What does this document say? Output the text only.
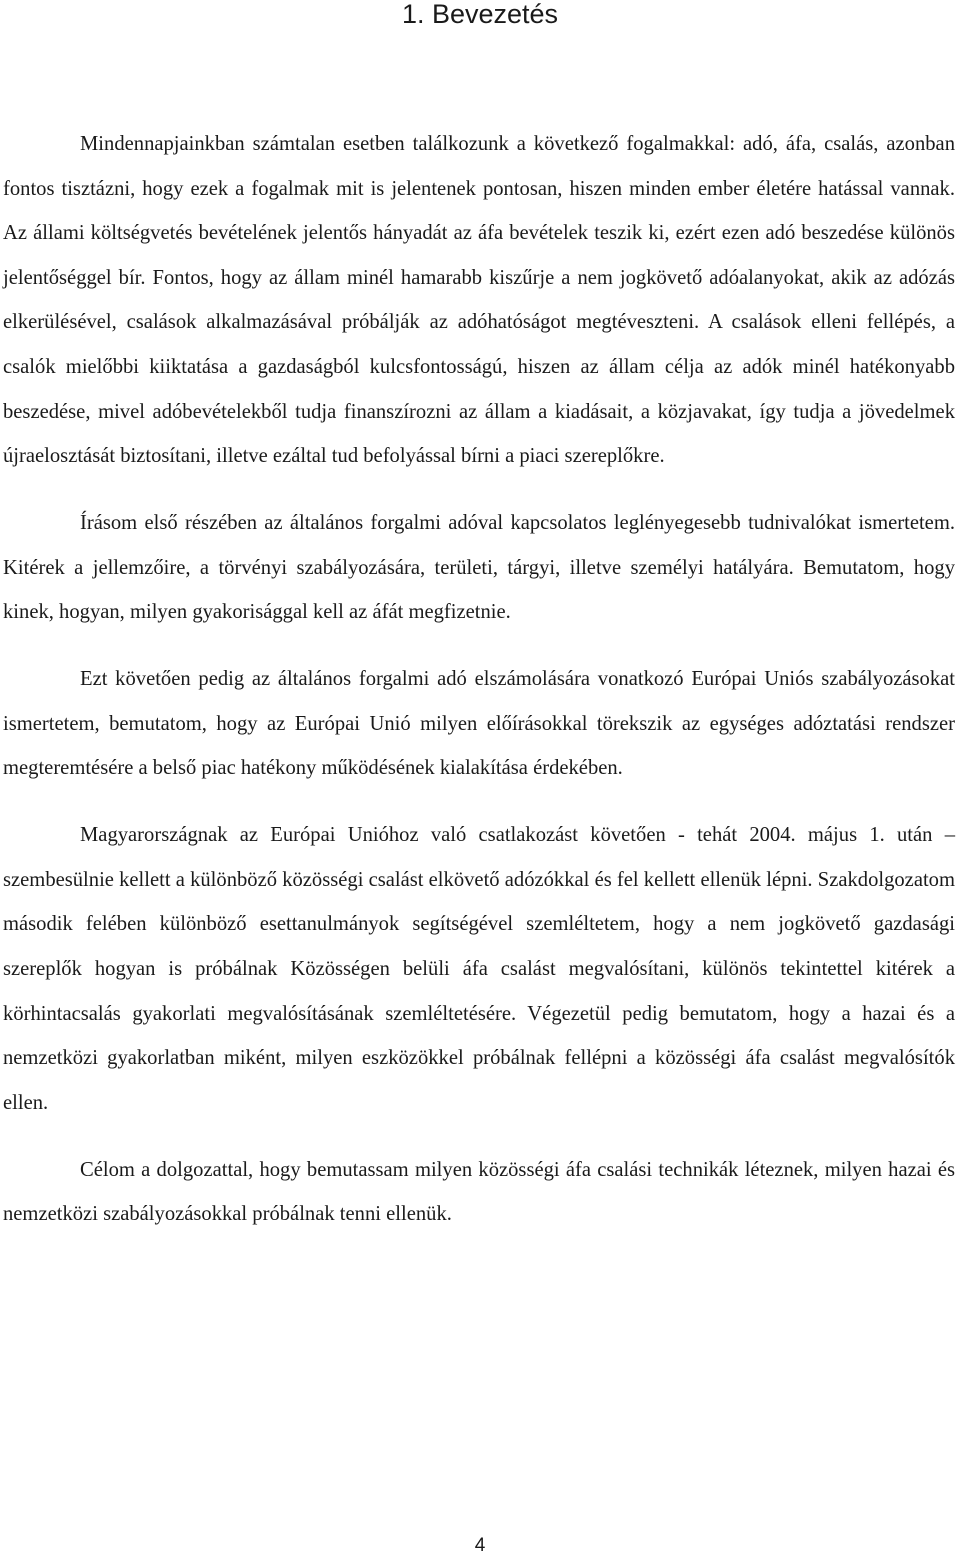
1. Bevezetés

Mindennapjainkban számtalan esetben találkozunk a következő fogalmakkal: adó, áfa, csalás, azonban fontos tisztázni, hogy ezek a fogalmak mit is jelentenek pontosan, hiszen minden ember életére hatással vannak. Az állami költségvetés bevételének jelentős hányadát az áfa bevételek teszik ki, ezért ezen adó beszedése különös jelentőséggel bír. Fontos, hogy az állam minél hamarabb kiszűrje a nem jogkövető adóalanyokat, akik az adózás elkerülésével, csalások alkalmazásával próbálják az adóhatóságot megtéveszteni. A csalások elleni fellépés, a csalók mielőbbi kiiktatása a gazdaságból kulcsfontosságú, hiszen az állam célja az adók minél hatékonyabb beszedése, mivel adóbevételekből tudja finanszírozni az állam a kiadásait, a közjavakat, így tudja a jövedelmek újraelosztását biztosítani, illetve ezáltal tud befolyással bírni a piaci szereplőkre.

Írásom első részében az általános forgalmi adóval kapcsolatos leglényegesebb tudnivalókat ismertetem. Kitérek a jellemzőire, a törvényi szabályozására, területi, tárgyi, illetve személyi hatályára. Bemutatom, hogy kinek, hogyan, milyen gyakorisággal kell az áfát megfizetnie.

Ezt követően pedig az általános forgalmi adó elszámolására vonatkozó Európai Uniós szabályozásokat ismertetem, bemutatom, hogy az Európai Unió milyen előírásokkal törekszik az egységes adóztatási rendszer megteremtésére a belső piac hatékony működésének kialakítása érdekében.

Magyarországnak az Európai Unióhoz való csatlakozást követően - tehát 2004. május 1. után – szembesülnie kellett a különböző közösségi csalást elkövető adózókkal és fel kellett ellenük lépni. Szakdolgozatom második felében különböző esettanulmányok segítségével szemléltetem, hogy a nem jogkövető gazdasági szereplők hogyan is próbálnak Közösségen belüli áfa csalást megvalósítani, különös tekintettel kitérek a körhintacsalás gyakorlati megvalósításának szemléltetésére. Végezetül pedig bemutatom, hogy a hazai és a nemzetközi gyakorlatban miként, milyen eszközökkel próbálnak fellépni a közösségi áfa csalást megvalósítók ellen.

Célom a dolgozattal, hogy bemutassam milyen közösségi áfa csalási technikák léteznek, milyen hazai és nemzetközi szabályozásokkal próbálnak tenni ellenük.

4
